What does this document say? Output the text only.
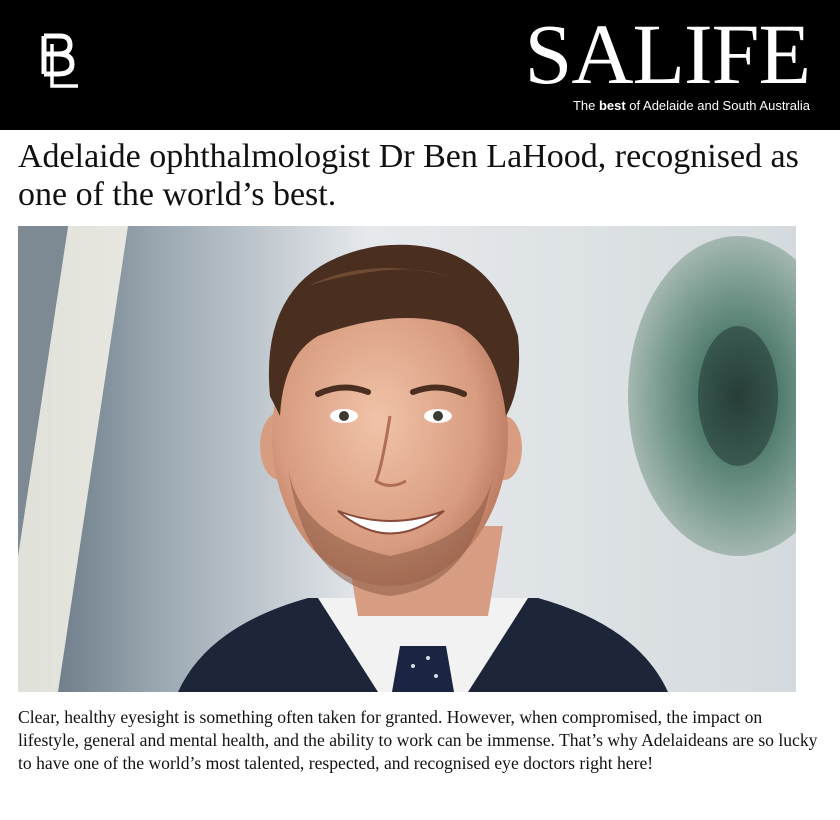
SALIFE
The best of Adelaide and South Australia
Adelaide ophthalmologist Dr Ben LaHood, recognised as one of the world’s best.

Clear, healthy eyesight is something often taken for granted. However, when compromised, the impact on lifestyle, general and mental health, and the ability to work can be immense. That’s why Adelaideans are so lucky to have one of the world’s most talented, respected, and recognised eye doctors right here!
